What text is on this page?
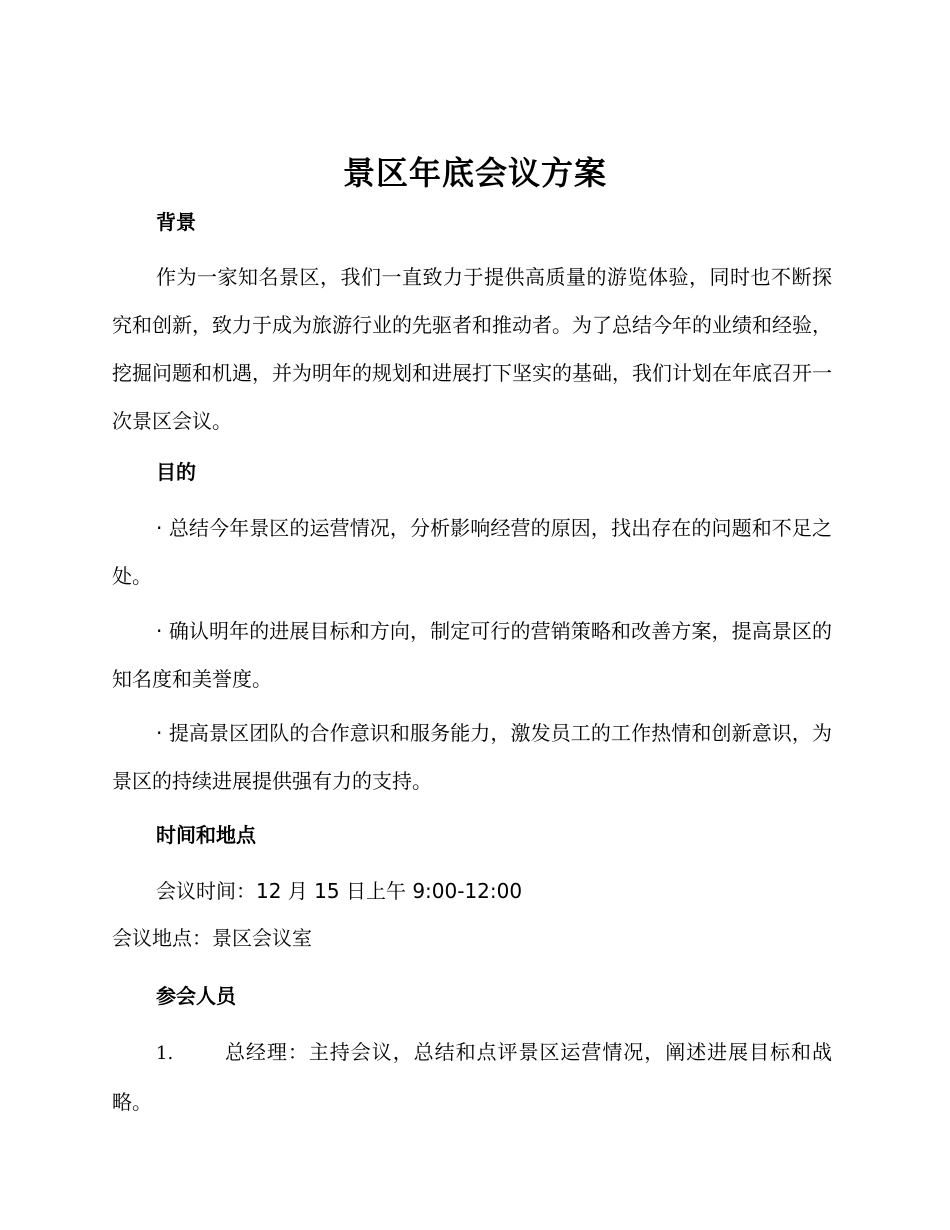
景区年底会议方案
背景
作为一家知名景区，我们一直致力于提供高质量的游览体验，同时也不断探究和创新，致力于成为旅游行业的先驱者和推动者。为了总结今年的业绩和经验，挖掘问题和机遇，并为明年的规划和进展打下坚实的基础，我们计划在年底召开一次景区会议。
目的
· 总结今年景区的运营情况，分析影响经营的原因，找出存在的问题和不足之处。
· 确认明年的进展目标和方向，制定可行的营销策略和改善方案，提高景区的知名度和美誉度。
· 提高景区团队的合作意识和服务能力，激发员工的工作热情和创新意识，为景区的持续进展提供强有力的支持。
时间和地点
会议时间：12 月 15 日上午 9:00-12:00
会议地点：景区会议室
参会人员
1.	总经理：主持会议，总结和点评景区运营情况，阐述进展目标和战略。
